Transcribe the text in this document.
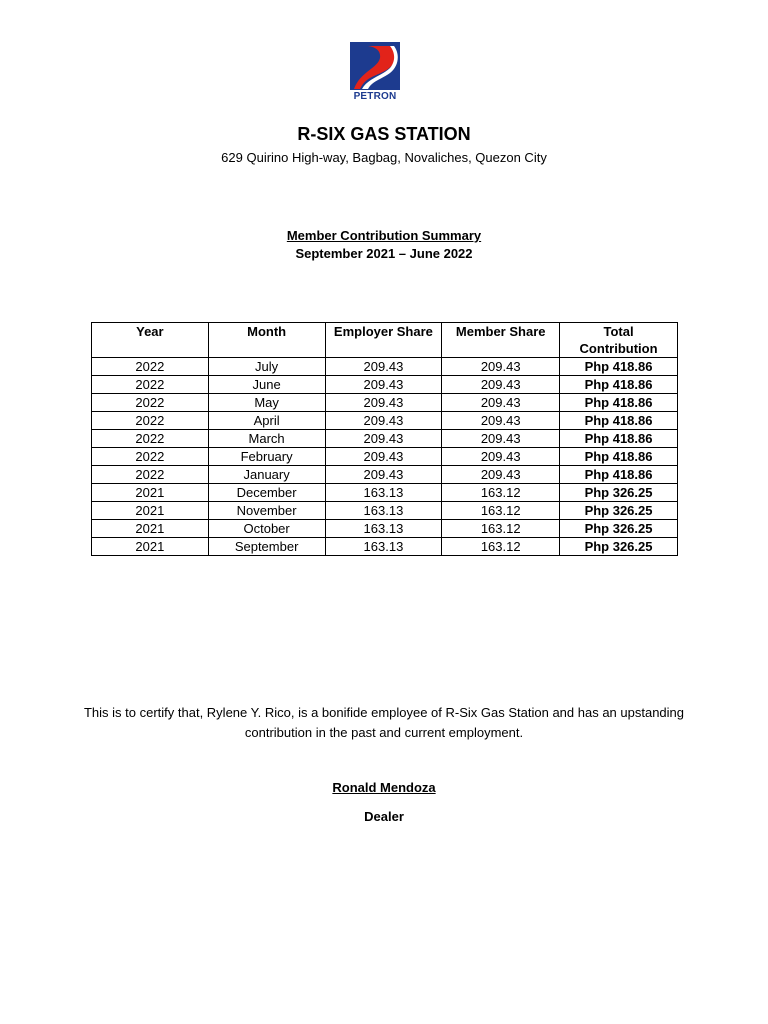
PETRON
R-SIX GAS STATION
629 Quirino High-way, Bagbag, Novaliches, Quezon City
Member Contribution Summary
September 2021 – June 2022
Year	Month	Employer Share	Member Share	Total
Contribution
2022	July	209.43	209.43	Php 418.86
2022	June	209.43	209.43	Php 418.86
2022	May	209.43	209.43	Php 418.86
2022	April	209.43	209.43	Php 418.86
2022	March	209.43	209.43	Php 418.86
2022	February	209.43	209.43	Php 418.86
2022	January	209.43	209.43	Php 418.86
2021	December	163.13	163.12	Php 326.25
2021	November	163.13	163.12	Php 326.25
2021	October	163.13	163.12	Php 326.25
2021	September	163.13	163.12	Php 326.25
This is to certify that, Rylene Y. Rico, is a bonifide employee of R-Six Gas Station and has an upstanding contribution in the past and current employment.
Ronald Mendoza
Dealer
